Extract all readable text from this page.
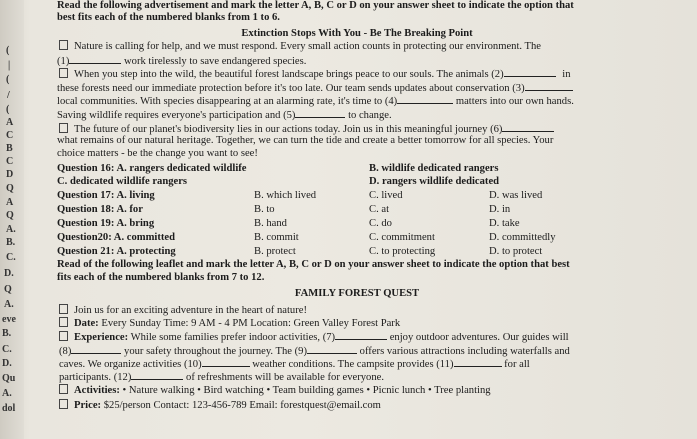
(
|
(
/
(
A
C
B
C
D
Q
A
Q
A.
B.
C.
D.
Q
A.
eve
B.
C.
D.
Qu
A.
dol
Read the following advertisement and mark the letter A, B, C or D on your answer sheet to indicate the option that
best fits each of the numbered blanks from 1 to 6.
Extinction Stops With You - Be The Breaking Point
Nature is calling for help, and we must respond. Every small action counts in protecting our environment. The
(1)	work tirelessly to save endangered species.
When you step into the wild, the beautiful forest landscape brings peace to our souls. The animals (2)	in
these forests need our immediate protection before it's too late. Our team sends updates about conservation (3)
local communities. With species disappearing at an alarming rate, it's time to (4)	matters into our own hands.
Saving wildlife requires everyone's participation and (5)	to change.
The future of our planet's biodiversity lies in our actions today. Join us in this meaningful journey (6)
what remains of our natural heritage. Together, we can turn the tide and create a better tomorrow for all species. Your
choice matters - be the change you want to see!
Question 16: A. rangers dedicated wildlife	B. wildlife dedicated rangers
C. dedicated wildlife rangers	D. rangers wildlife dedicated
Question 17: A. living	B. which lived	C. lived	D. was lived
Question 18: A. for	B. to	C. at	D. in
Question 19: A. bring	B. hand	C. do	D. take
Question20: A. committed	B. commit	C. commitment	D. committedly
Question 21: A. protecting	B. protect	C. to protecting	D. to protect
Read of the following leaflet and mark the letter A, B, C or D on your answer sheet to indicate the option that best
fits each of the numbered blanks from 7 to 12.
FAMILY FOREST QUEST
Join us for an exciting adventure in the heart of nature!
Date: Every Sunday Time: 9 AM - 4 PM Location: Green Valley Forest Park
Experience: While some families prefer indoor activities, (7)	enjoy outdoor adventures. Our guides will
(8)	your safety throughout the journey. The (9)	offers various attractions including waterfalls and
caves. We organize activities (10)	weather conditions. The campsite provides (11)	for all
participants. (12)	of refreshments will be available for everyone.
Activities: • Nature walking • Bird watching • Team building games • Picnic lunch • Tree planting
Price: $25/person Contact: 123-456-789 Email: forestquest@email.com
